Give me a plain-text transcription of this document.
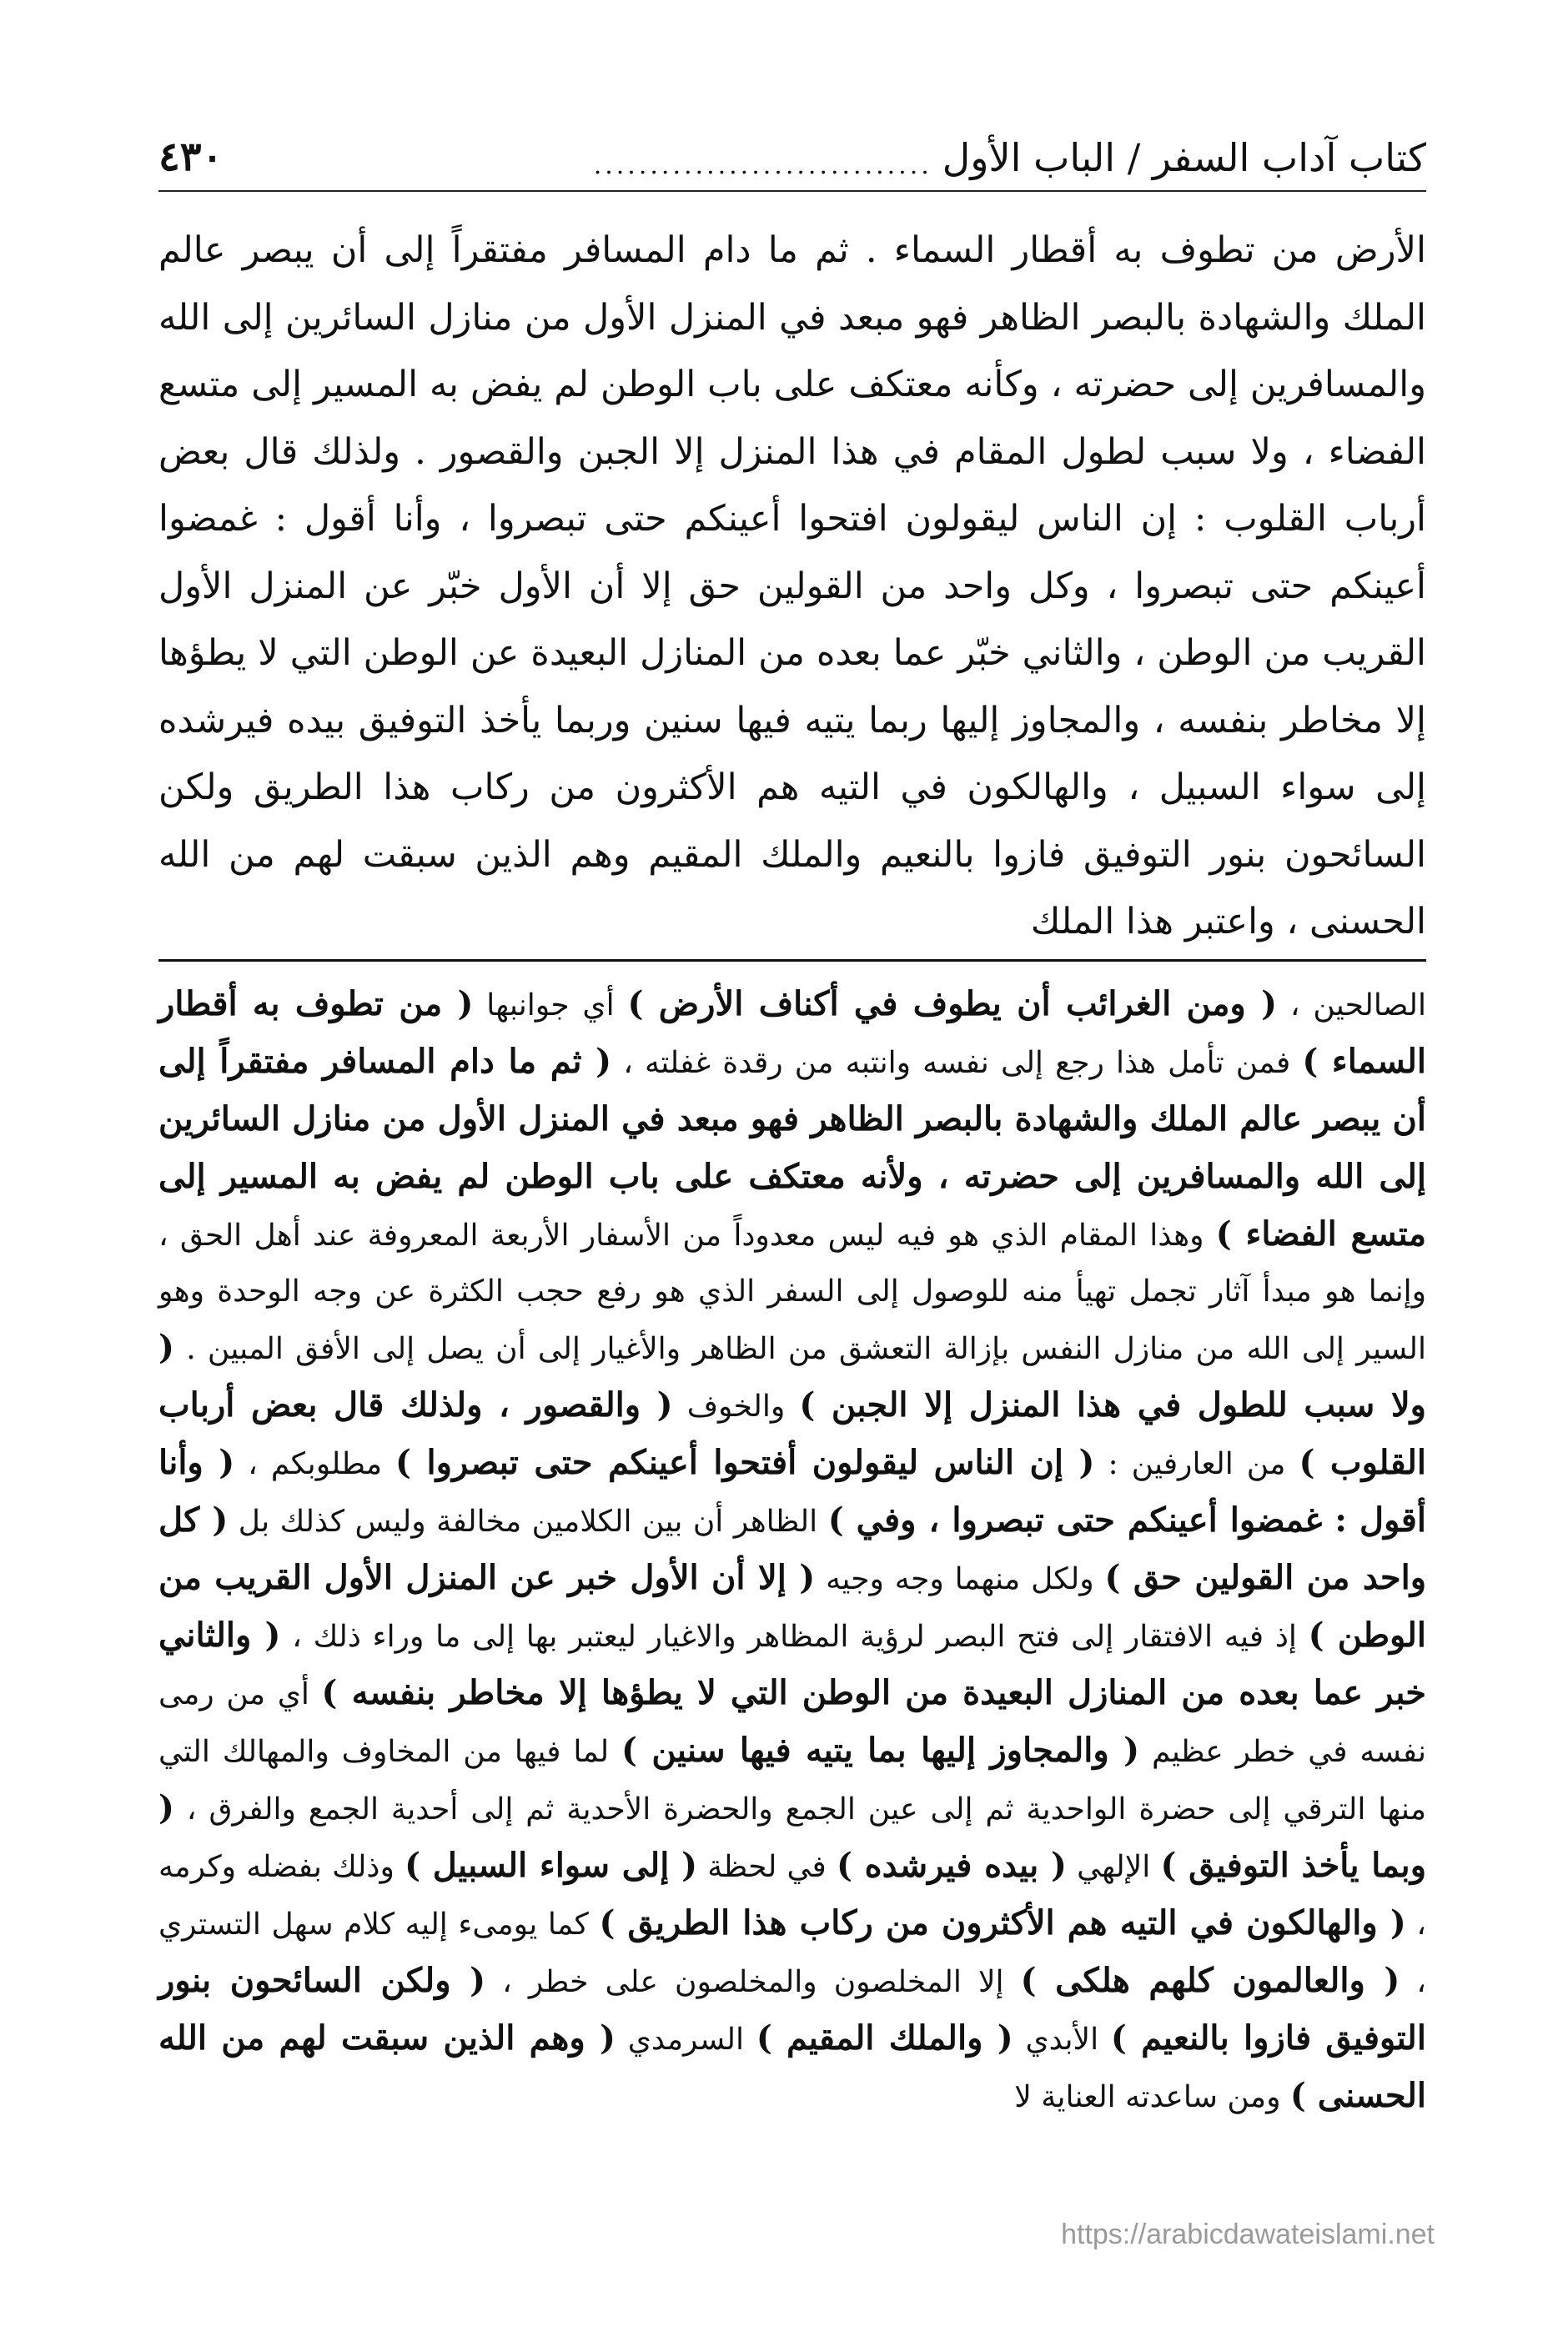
٤٣٠	كتاب آداب السفر / الباب الأول
..............................

الأرض من تطوف به أقطار السماء . ثم ما دام المسافر مفتقراً إلى أن يبصر عالم الملك والشهادة بالبصر الظاهر فهو مبعد في المنزل الأول من منازل السائرين إلى الله والمسافرين إلى حضرته ، وكأنه معتكف على باب الوطن لم يفض به المسير إلى متسع الفضاء ، ولا سبب لطول المقام في هذا المنزل إلا الجبن والقصور . ولذلك قال بعض أرباب القلوب : إن الناس ليقولون افتحوا أعينكم حتى تبصروا ، وأنا أقول : غمضوا أعينكم حتى تبصروا ، وكل واحد من القولين حق إلا أن الأول خبّر عن المنزل الأول القريب من الوطن ، والثاني خبّر عما بعده من المنازل البعيدة عن الوطن التي لا يطؤها إلا مخاطر بنفسه ، والمجاوز إليها ربما يتيه فيها سنين وربما يأخذ التوفيق بيده فيرشده إلى سواء السبيل ، والهالكون في التيه هم الأكثرون من ركاب هذا الطريق ولكن السائحون بنور التوفيق فازوا بالنعيم والملك المقيم وهم الذين سبقت لهم من الله الحسنى ، واعتبر هذا الملك

الصالحين ، ( ومن الغرائب أن يطوف في أكناف الأرض ) أي جوانبها ( من تطوف به أقطار السماء ) فمن تأمل هذا رجع إلى نفسه وانتبه من رقدة غفلته ، ( ثم ما دام المسافر مفتقراً إلى أن يبصر عالم الملك والشهادة بالبصر الظاهر فهو مبعد في المنزل الأول من منازل السائرين إلى الله والمسافرين إلى حضرته ، ولأنه معتكف على باب الوطن لم يفض به المسير إلى متسع الفضاء ) وهذا المقام الذي هو فيه ليس معدوداً من الأسفار الأربعة المعروفة عند أهل الحق ، وإنما هو مبدأ آثار تجمل تهيأ منه للوصول إلى السفر الذي هو رفع حجب الكثرة عن وجه الوحدة وهو السير إلى الله من منازل النفس بإزالة التعشق من الظاهر والأغيار إلى أن يصل إلى الأفق المبين . ( ولا سبب للطول في هذا المنزل إلا الجبن ) والخوف ( والقصور ، ولذلك قال بعض أرباب القلوب ) من العارفين : ( إن الناس ليقولون أفتحوا أعينكم حتى تبصروا ) مطلوبكم ، ( وأنا أقول : غمضوا أعينكم حتى تبصروا ، وفي ) الظاهر أن بين الكلامين مخالفة وليس كذلك بل ( كل واحد من القولين حق ) ولكل منهما وجه وجيه ( إلا أن الأول خبر عن المنزل الأول القريب من الوطن ) إذ فيه الافتقار إلى فتح البصر لرؤية المظاهر والاغيار ليعتبر بها إلى ما وراء ذلك ، ( والثاني خبر عما بعده من المنازل البعيدة من الوطن التي لا يطؤها إلا مخاطر بنفسه ) أي من رمى نفسه في خطر عظيم ( والمجاوز إليها بما يتيه فيها سنين ) لما فيها من المخاوف والمهالك التي منها الترقي إلى حضرة الواحدية ثم إلى عين الجمع والحضرة الأحدية ثم إلى أحدية الجمع والفرق ، ( وبما يأخذ التوفيق ) الإلهي ( بيده فيرشده ) في لحظة ( إلى سواء السبيل ) وذلك بفضله وكرمه ، ( والهالكون في التيه هم الأكثرون من ركاب هذا الطريق ) كما يومىء إليه كلام سهل التستري ، ( والعالمون كلهم هلكى ) إلا المخلصون والمخلصون على خطر ، ( ولكن السائحون بنور التوفيق فازوا بالنعيم ) الأبدي ( والملك المقيم ) السرمدي ( وهم الذين سبقت لهم من الله الحسنى ) ومن ساعدته العناية لا

https://arabicdawateislami.net
